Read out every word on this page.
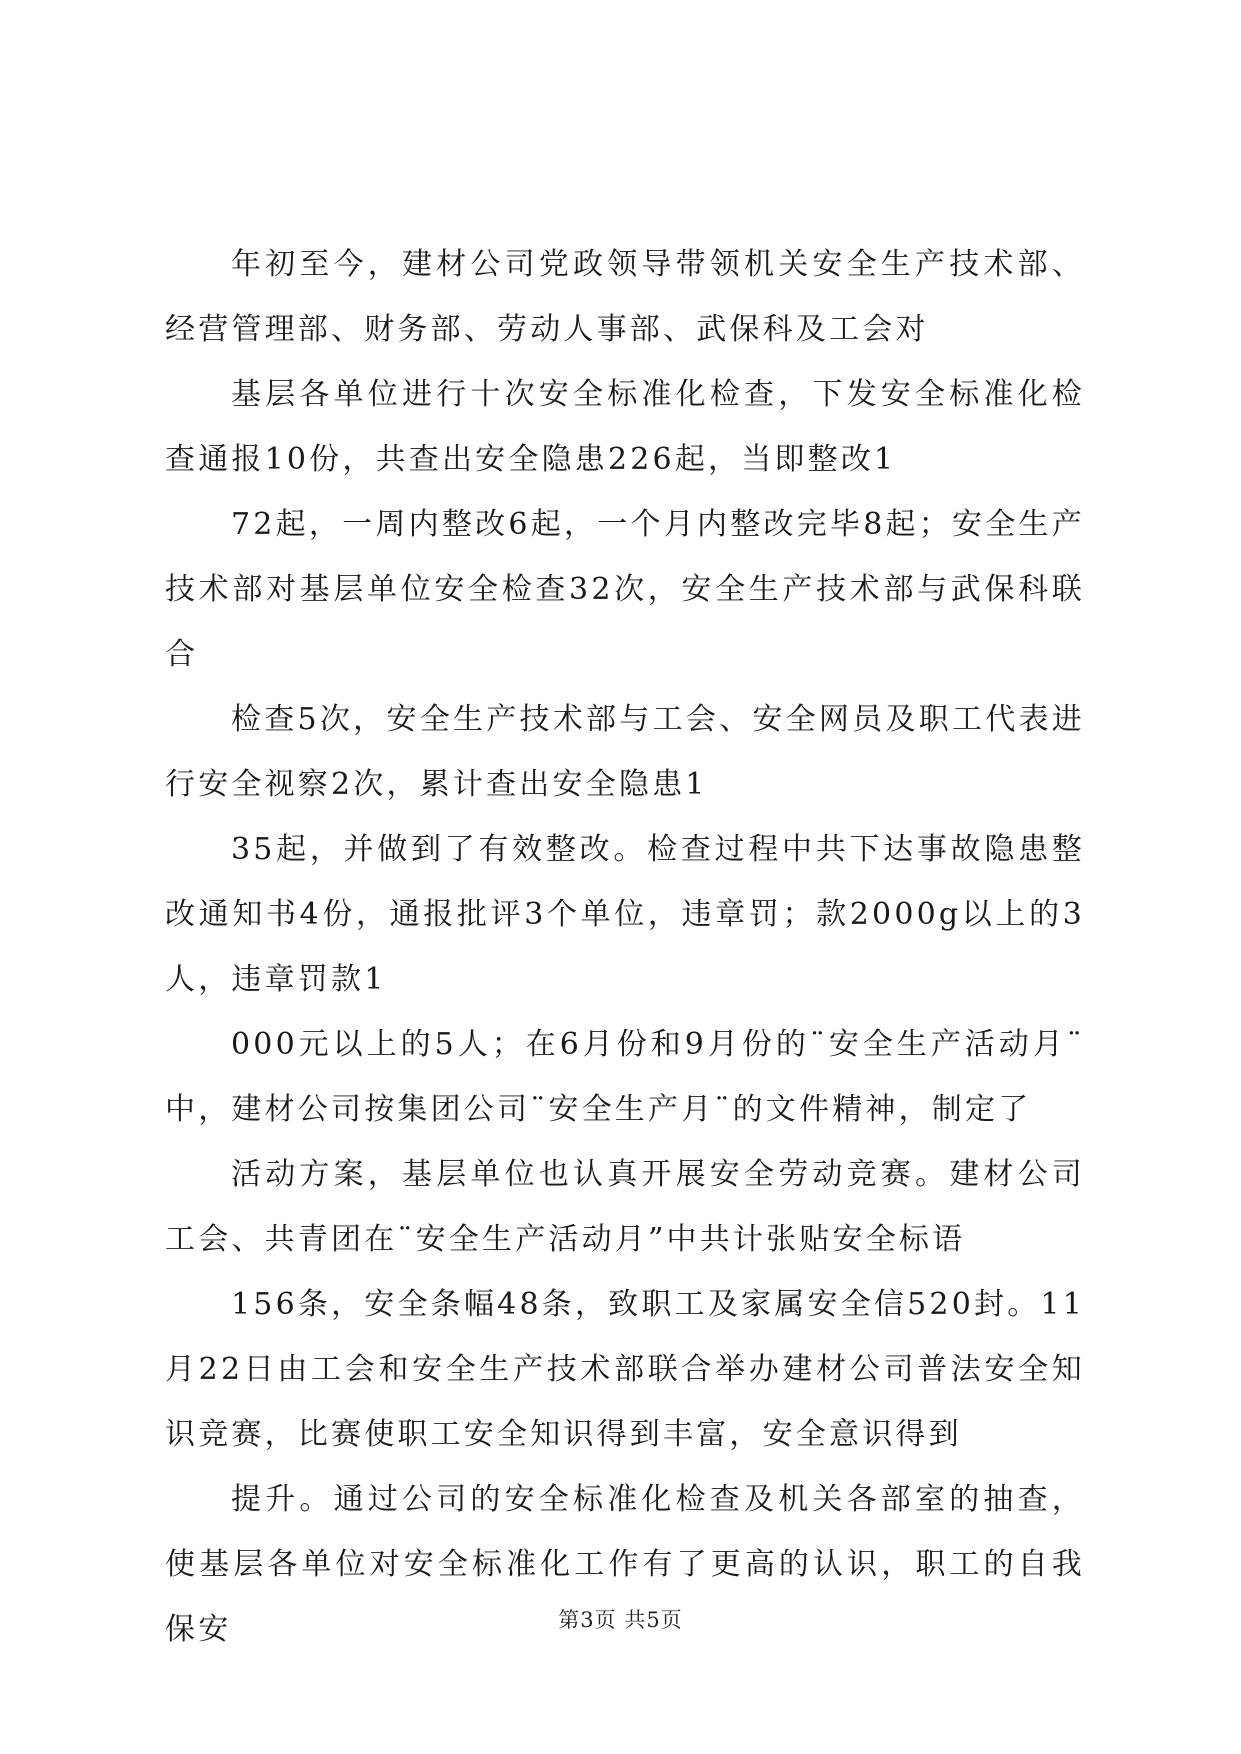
年初至今，建材公司党政领导带领机关安全生产技术部、经营管理部、财务部、劳动人事部、武保科及工会对

基层各单位进行十次安全标准化检查，下发安全标准化检查通报10份，共查出安全隐患226起，当即整改1

72起，一周内整改6起，一个月内整改完毕8起；安全生产技术部对基层单位安全检查32次，安全生产技术部与武保科联合

检查5次，安全生产技术部与工会、安全网员及职工代表进行安全视察2次，累计查出安全隐患1

35起，并做到了有效整改。检查过程中共下达事故隐患整改通知书4份，通报批评3个单位，违章罚；款2000g以上的3人，违章罚款1

000元以上的5人；在6月份和9月份的¨安全生产活动月¨中，建材公司按集团公司¨安全生产月¨的文件精神，制定了

活动方案，基层单位也认真开展安全劳动竞赛。建材公司工会、共青团在¨安全生产活动月”中共计张贴安全标语

156条，安全条幅48条，致职工及家属安全信520封。11月22日由工会和安全生产技术部联合举办建材公司普法安全知识竞赛，比赛使职工安全知识得到丰富，安全意识得到

提升。通过公司的安全标准化检查及机关各部室的抽查，使基层各单位对安全标准化工作有了更高的认识，职工的自我保安	第3页 共5页
